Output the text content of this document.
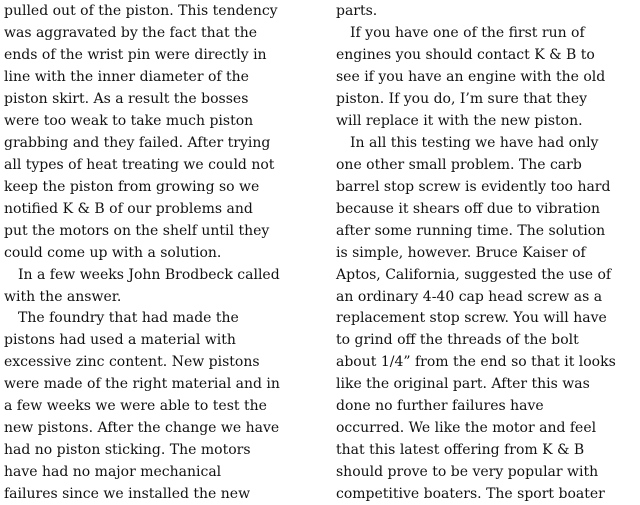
pulled out of the piston. This tendency
was aggravated by the fact that the
ends of the wrist pin were directly in
line with the inner diameter of the
piston skirt. As a result the bosses
were too weak to take much piston
grabbing and they failed. After trying
all types of heat treating we could not
keep the piston from growing so we
notified K & B of our problems and
put the motors on the shelf until they
could come up with a solution.
In a few weeks John Brodbeck called
with the answer.
The foundry that had made the
pistons had used a material with
excessive zinc content. New pistons
were made of the right material and in
a few weeks we were able to test the
new pistons. After the change we have
had no piston sticking. The motors
have had no major mechanical
failures since we installed the new
parts.
If you have one of the first run of
engines you should contact K & B to
see if you have an engine with the old
piston. If you do, I’m sure that they
will replace it with the new piston.
In all this testing we have had only
one other small problem. The carb
barrel stop screw is evidently too hard
because it shears off due to vibration
after some running time. The solution
is simple, however. Bruce Kaiser of
Aptos, California, suggested the use of
an ordinary 4-40 cap head screw as a
replacement stop screw. You will have
to grind off the threads of the bolt
about 1/4” from the end so that it looks
like the original part. After this was
done no further failures have
occurred. We like the motor and feel
that this latest offering from K & B
should prove to be very popular with
competitive boaters. The sport boater
